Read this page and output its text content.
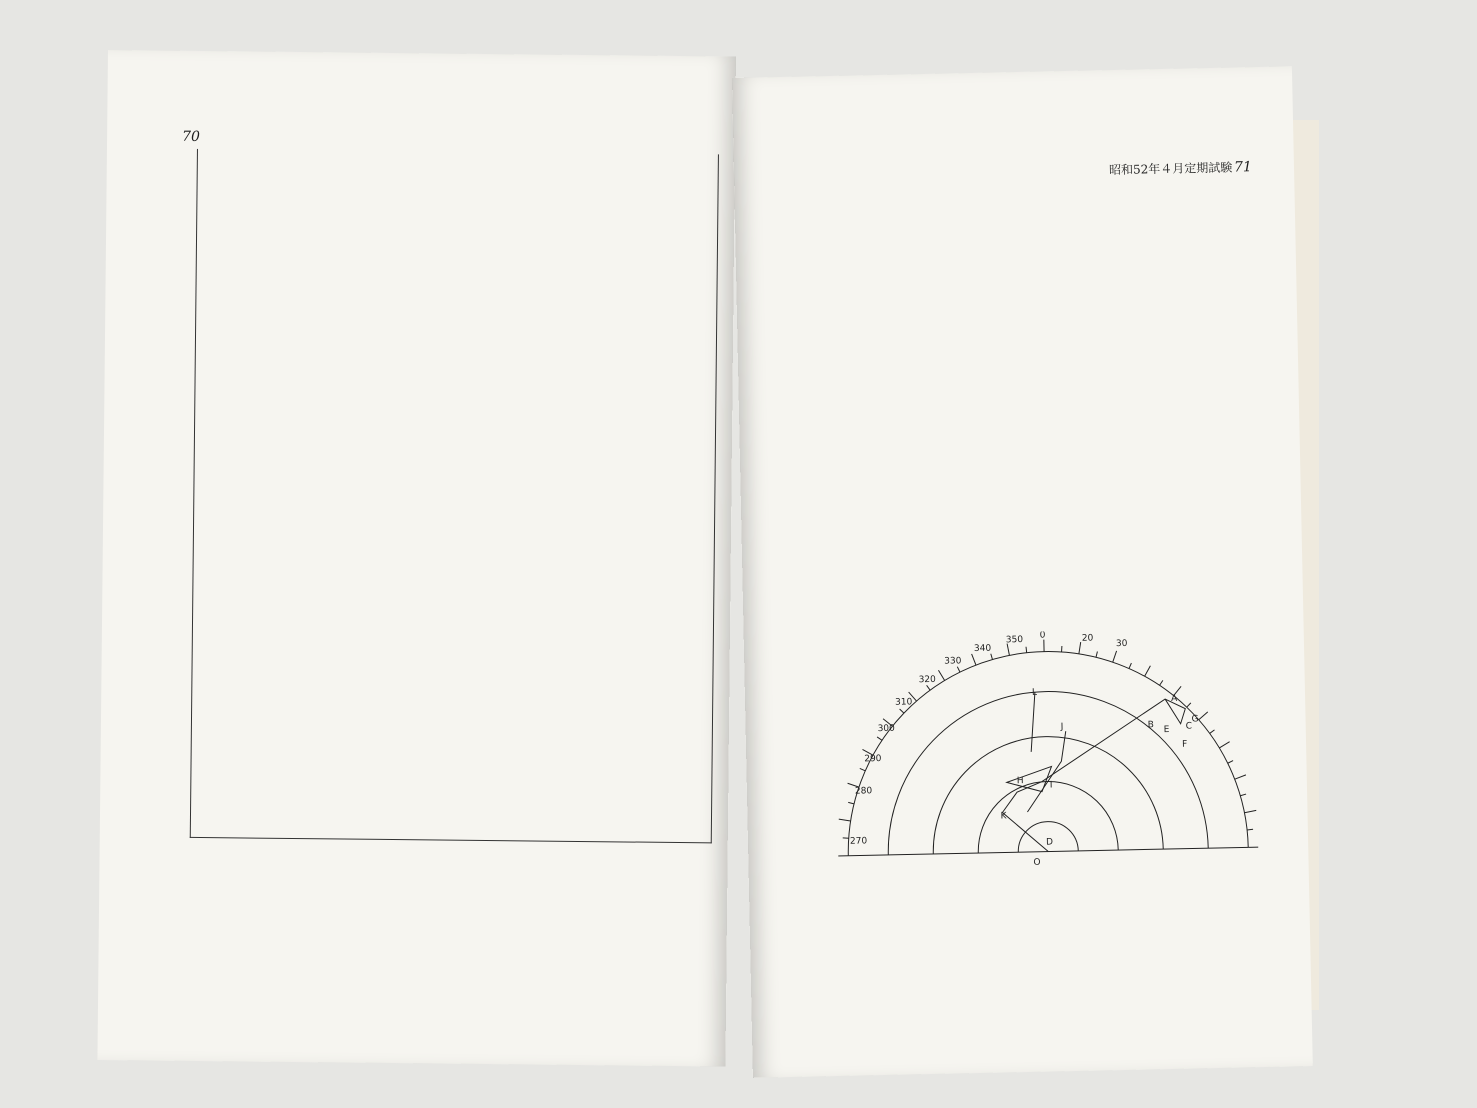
70
昭和52年４月定期試験 71
0
350
340
330
320
310
300
290
280
270
20
30
L
J
H	I
K
D
O
A
B	C
E
F
G
